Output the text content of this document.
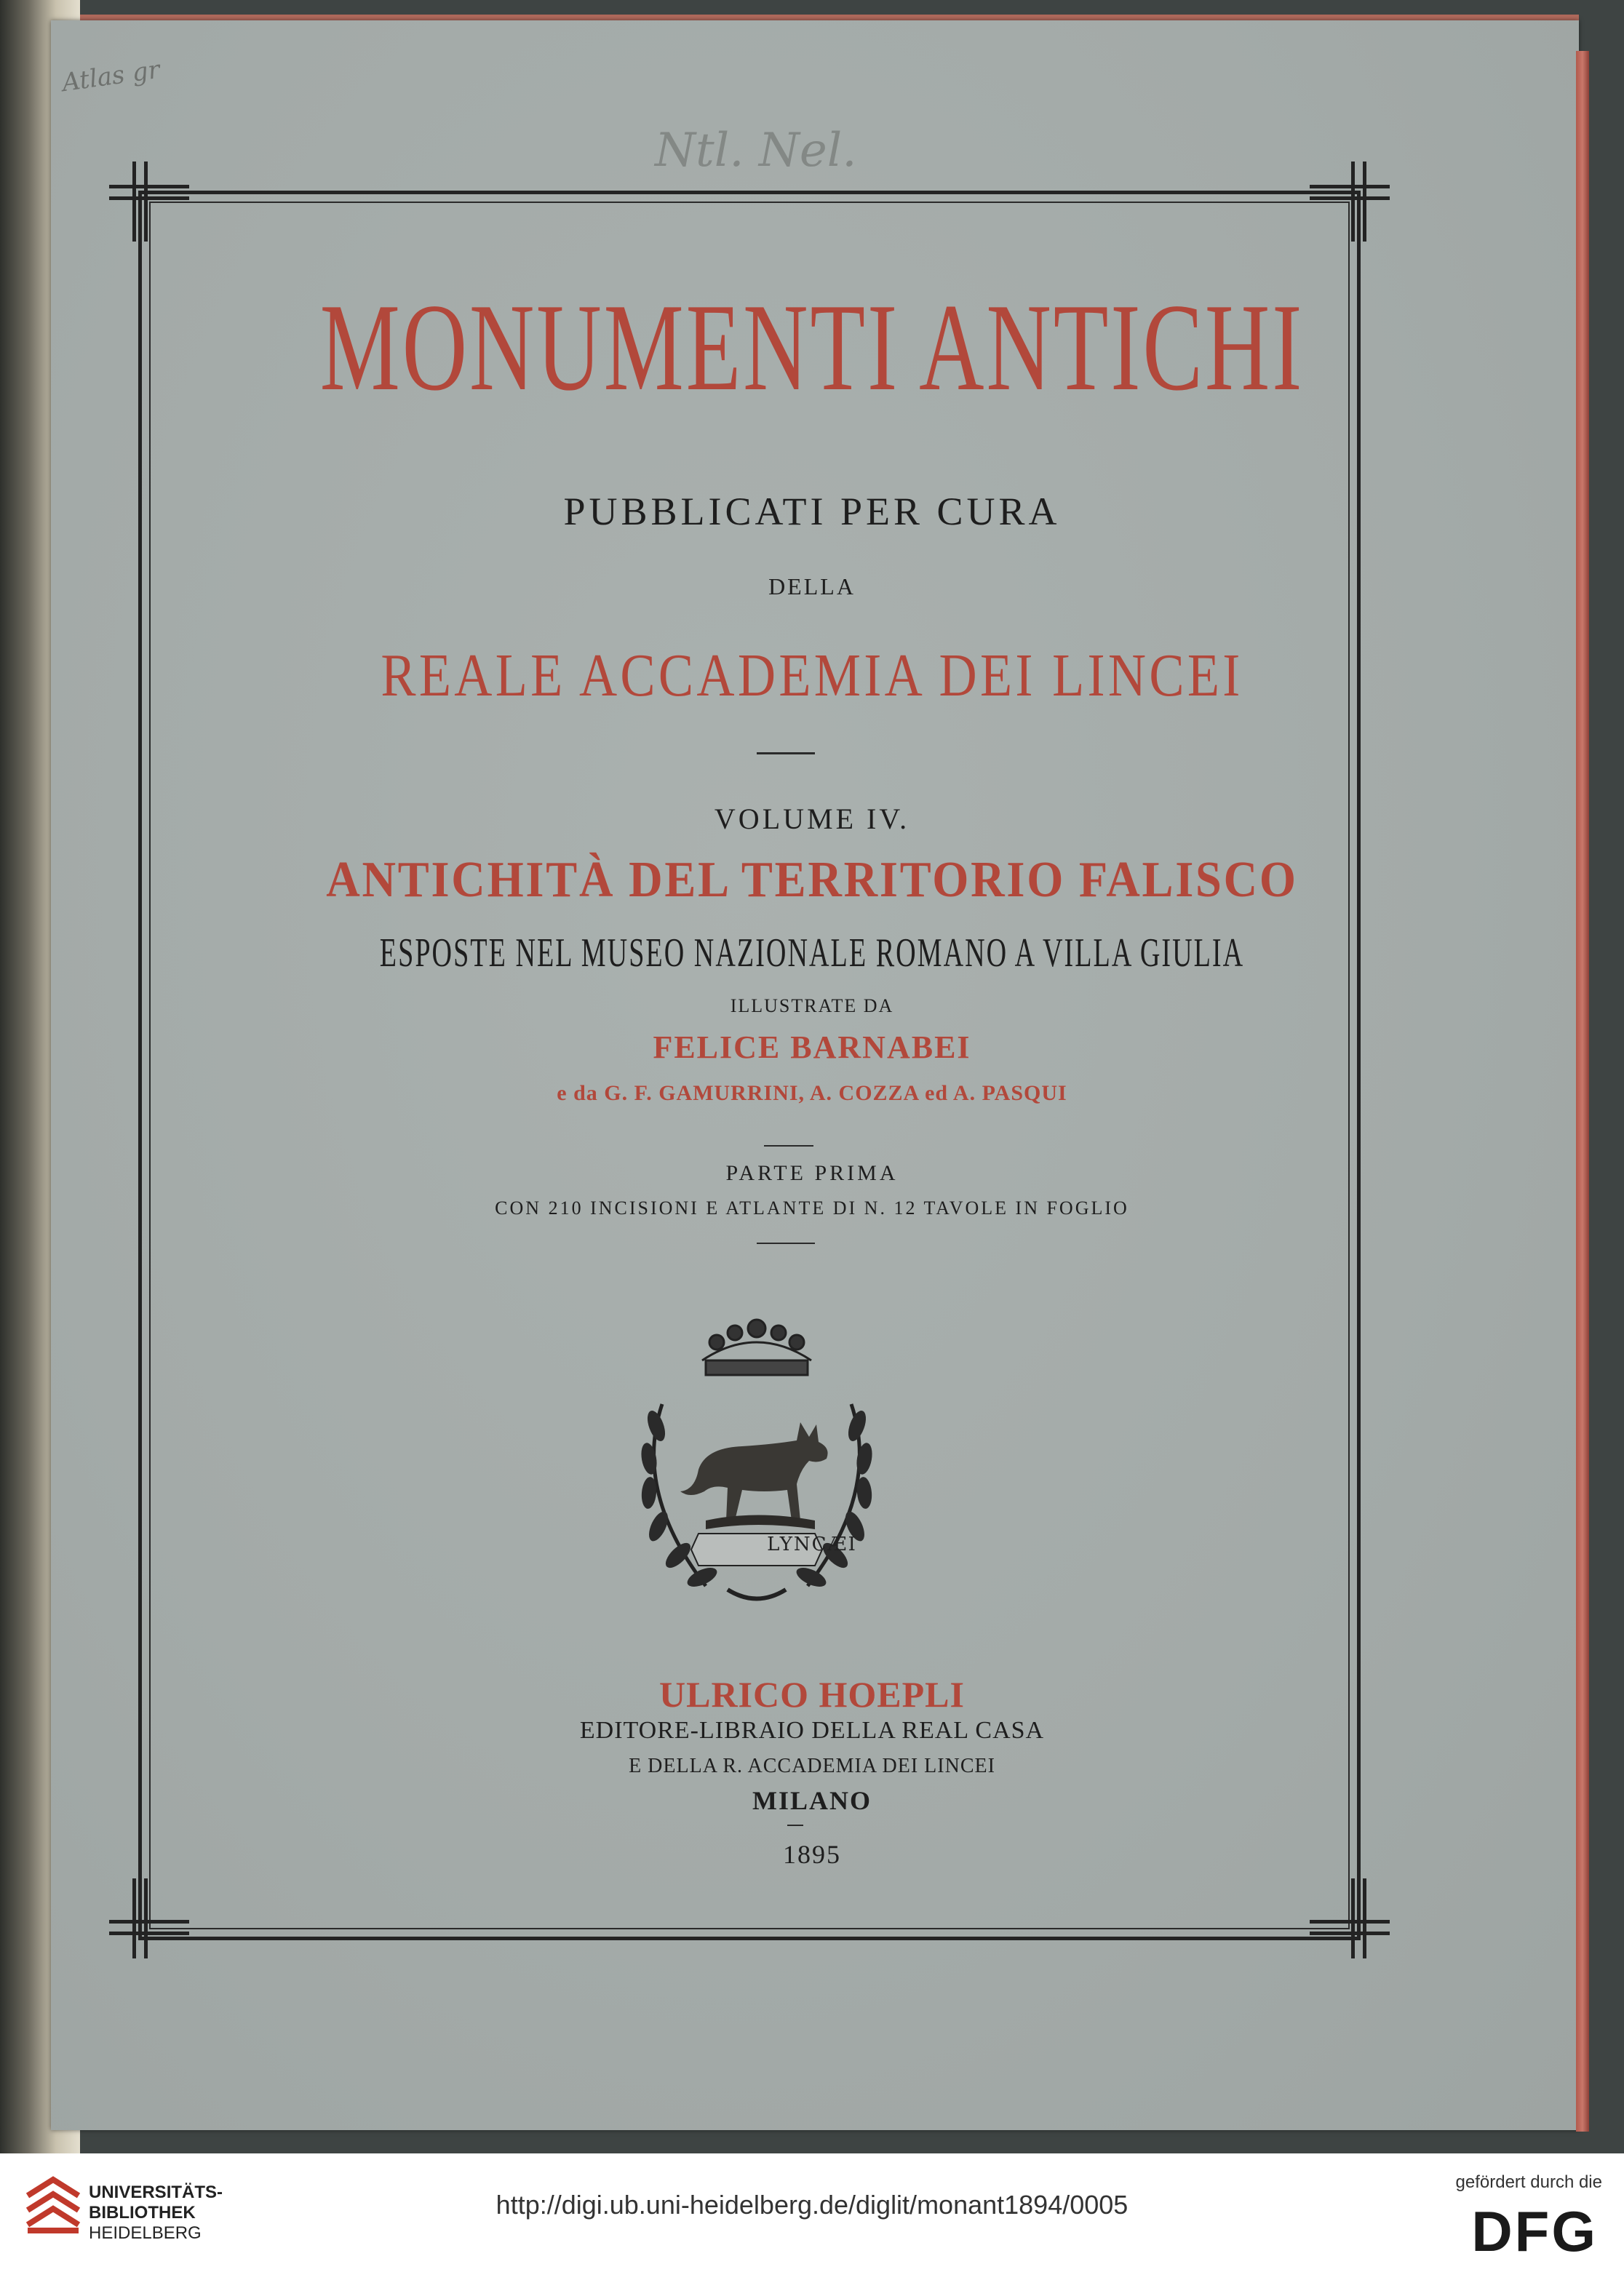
Atlas gr
Ntl. Nel.
MONUMENTI ANTICHI
PUBBLICATI PER CURA
DELLA
REALE ACCADEMIA DEI LINCEI
VOLUME IV.
ANTICHITÀ DEL TERRITORIO FALISCO
ESPOSTE NEL MUSEO NAZIONALE ROMANO A VILLA GIULIA
ILLUSTRATE DA
FELICE BARNABEI
e da G. F. GAMURRINI, A. COZZA ed A. PASQUI
PARTE PRIMA
CON 210 INCISIONI E ATLANTE DI N. 12 TAVOLE IN FOGLIO
LYNCÆI
ULRICO HOEPLI
EDITORE-LIBRAIO DELLA REAL CASA
E DELLA R. ACCADEMIA DEI LINCEI
MILANO
1895
UNIVERSITÄTS-
BIBLIOTHEK
HEIDELBERG
http://digi.ub.uni-heidelberg.de/diglit/monant1894/0005
gefördert durch die
DFG
